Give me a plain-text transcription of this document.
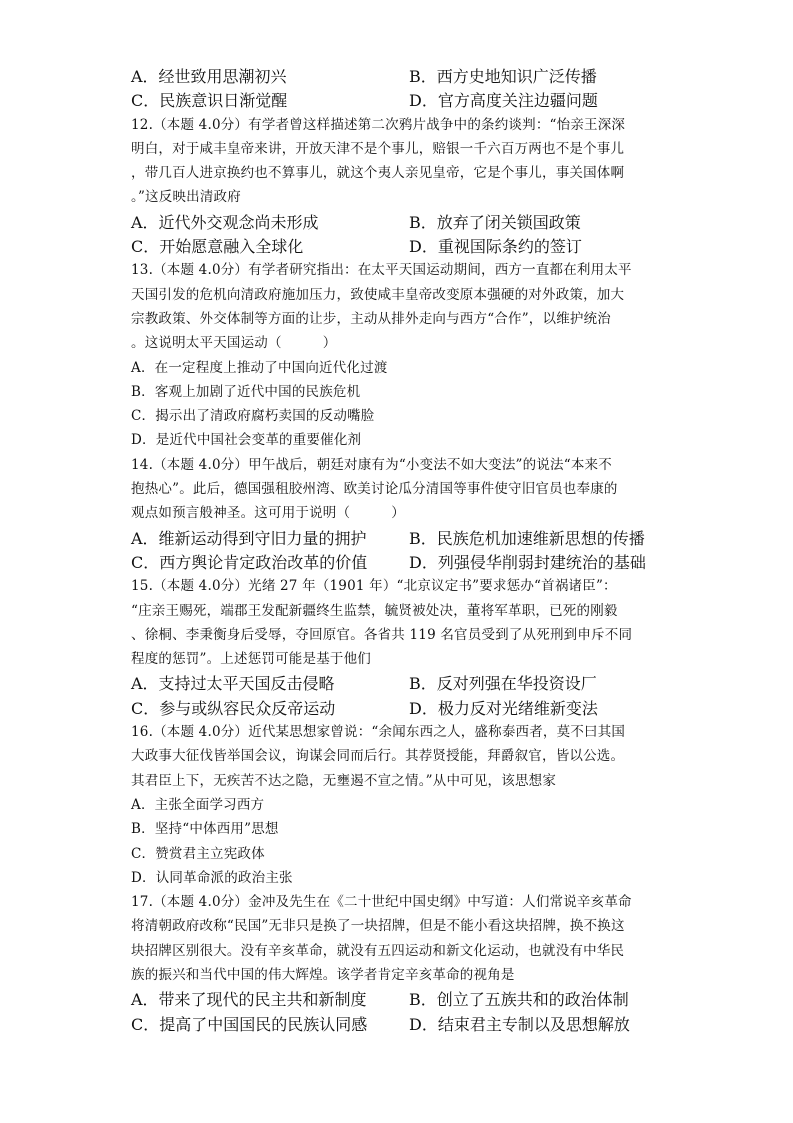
A．经世致用思潮初兴	B．西方史地知识广泛传播
C．民族意识日渐觉醒	D．官方高度关注边疆问题
12.（本题 4.0分）有学者曾这样描述第二次鸦片战争中的条约谈判：“怡亲王深深
明白，对于咸丰皇帝来讲，开放天津不是个事儿，赔银一千六百万两也不是个事儿
，带几百人进京换约也不算事儿，就这个夷人亲见皇帝，它是个事儿，事关国体啊
。”这反映出清政府
A．近代外交观念尚未形成	B．放弃了闭关锁国政策
C．开始愿意融入全球化	D．重视国际条约的签订
13.（本题 4.0分）有学者研究指出：在太平天国运动期间，西方一直都在利用太平
天国引发的危机向清政府施加压力，致使咸丰皇帝改变原本强硬的对外政策，加大
宗教政策、外交体制等方面的让步，主动从排外走向与西方“合作”，以维护统治
。这说明太平天国运动（　　　）
A．在一定程度上推动了中国向近代化过渡
B．客观上加剧了近代中国的民族危机
C．揭示出了清政府腐朽卖国的反动嘴脸
D．是近代中国社会变革的重要催化剂
14.（本题 4.0分）甲午战后，朝廷对康有为“小变法不如大变法”的说法“本来不
抱热心”。此后，德国强租胶州湾、欧美讨论瓜分清国等事件使守旧官员也奉康的
观点如预言般神圣。这可用于说明（　　　）
A．维新运动得到守旧力量的拥护	B．民族危机加速维新思想的传播
C．西方舆论肯定政治改革的价值	D．列强侵华削弱封建统治的基础
15.（本题 4.0分）光绪 27 年（1901 年）“北京议定书”要求惩办“首祸诸臣”：
“庄亲王赐死，端郡王发配新疆终生监禁，毓贤被处决，董将军革职，已死的刚毅
、徐桐、李秉衡身后受辱，夺回原官。各省共 119 名官员受到了从死刑到申斥不同
程度的惩罚”。上述惩罚可能是基于他们
A．支持过太平天国反击侵略	B．反对列强在华投资设厂
C．参与或纵容民众反帝运动	D．极力反对光绪维新变法
16.（本题 4.0分）近代某思想家曾说：“余闻东西之人，盛称泰西者，莫不曰其国
大政事大征伐皆举国会议，询谋会同而后行。其荐贤授能，拜爵叙官，皆以公选。
其君臣上下，无疾苦不达之隐，无壅遏不宣之情。”从中可见，该思想家
A．主张全面学习西方
B．坚持“中体西用”思想
C．赞赏君主立宪政体
D．认同革命派的政治主张
17.（本题 4.0分）金冲及先生在《二十世纪中国史纲》中写道：人们常说辛亥革命
将清朝政府改称“民国”无非只是换了一块招牌，但是不能小看这块招牌，换不换这
块招牌区别很大。没有辛亥革命，就没有五四运动和新文化运动，也就没有中华民
族的振兴和当代中国的伟大辉煌。该学者肯定辛亥革命的视角是
A．带来了现代的民主共和新制度	B．创立了五族共和的政治体制
C．提高了中国国民的民族认同感	D．结束君主专制以及思想解放
